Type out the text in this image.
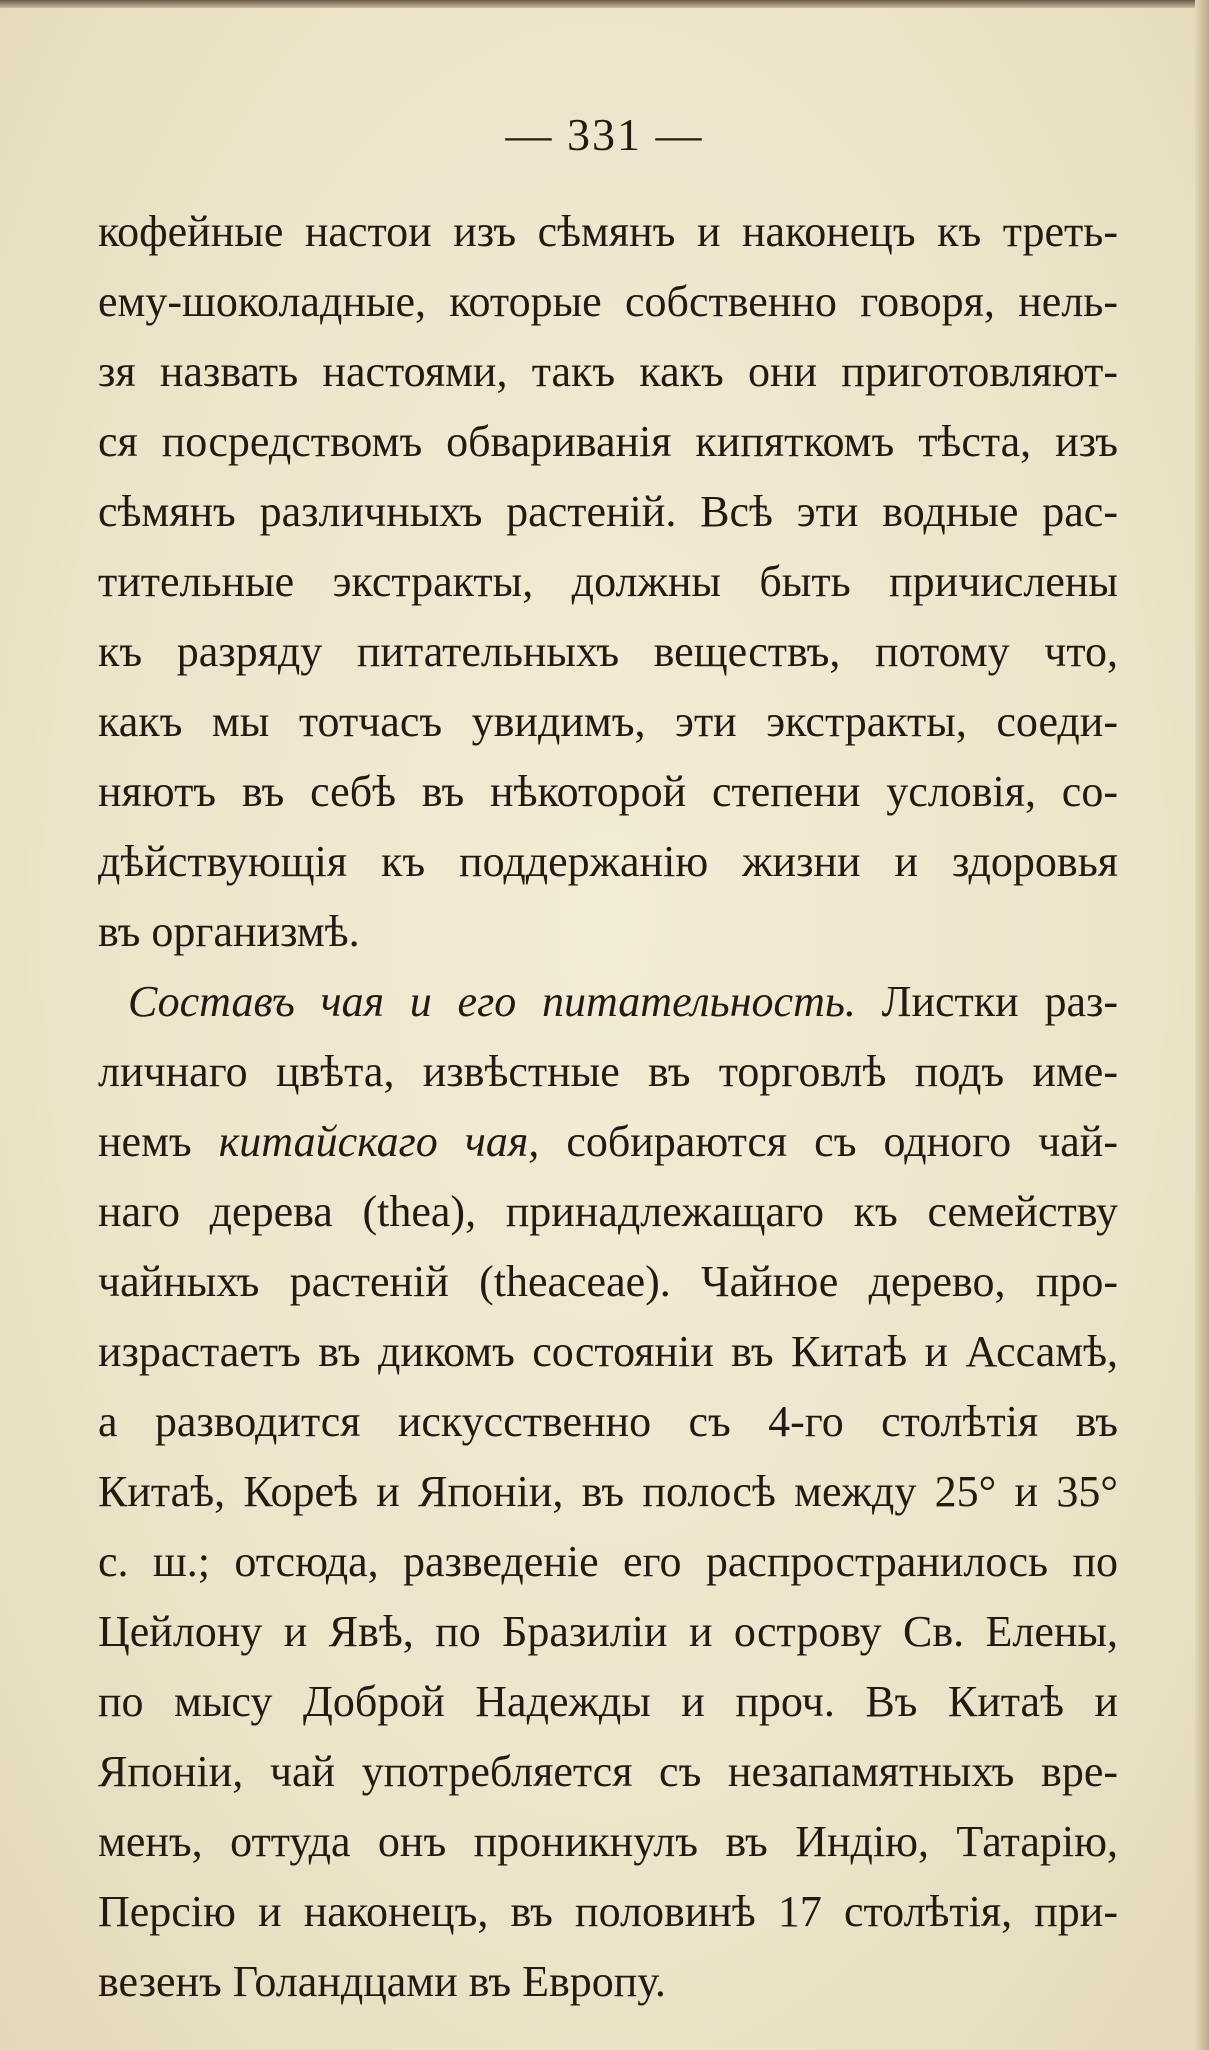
— 331 —
кофейные настои изъ сѣмянъ и наконецъ къ треть-
ему-шоколадные, которые собственно говоря, нель-
зя назвать настоями, такъ какъ они приготовляют-
ся посредствомъ обвариванія кипяткомъ тѣста, изъ
сѣмянъ различныхъ растеній. Всѣ эти водные рас-
тительные экстракты, должны быть причислены
къ разряду питательныхъ веществъ, потому что,
какъ мы тотчасъ увидимъ, эти экстракты, соеди-
няютъ въ себѣ въ нѣкоторой степени условія, со-
дѣйствующія къ поддержанію жизни и здоровья
въ организмѣ.
Составъ чая и его питательность. Листки раз-
личнаго цвѣта, извѣстные въ торговлѣ подъ име-
немъ китайскаго чая, собираются съ одного чай-
наго дерева (thea), принадлежащаго къ семейству
чайныхъ растеній (theaceae). Чайное дерево, про-
израстаетъ въ дикомъ состояніи въ Китаѣ и Ассамѣ,
а разводится искусственно съ 4-го столѣтія въ
Китаѣ, Кореѣ и Японіи, въ полосѣ между 25° и 35°
с. ш.; отсюда, разведеніе его распространилось по
Цейлону и Явѣ, по Бразиліи и острову Св. Елены,
по мысу Доброй Надежды и проч. Въ Китаѣ и
Японіи, чай употребляется съ незапамятныхъ вре-
менъ, оттуда онъ проникнулъ въ Индію, Татарію,
Персію и наконецъ, въ половинѣ 17 столѣтія, при-
везенъ Голандцами въ Европу.
